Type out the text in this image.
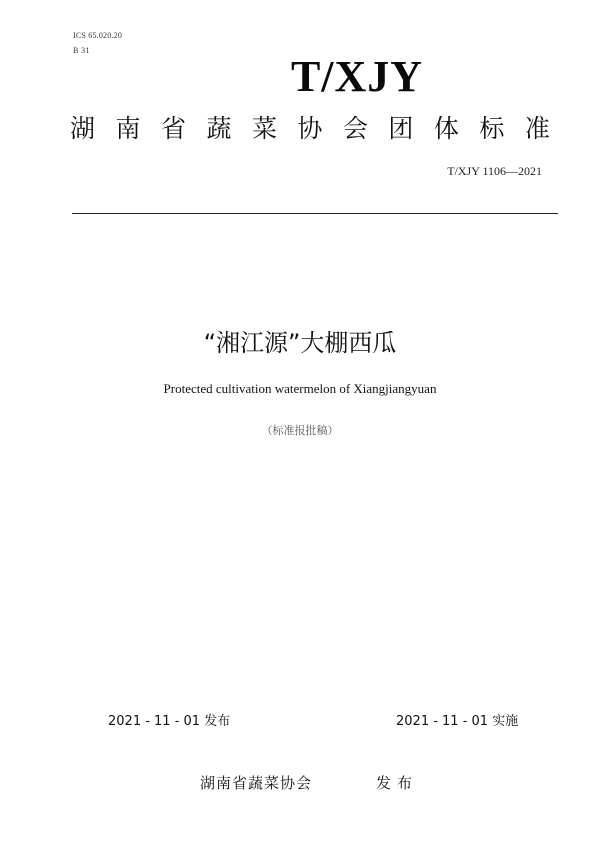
ICS 65.020.20
B 31
T/XJY
湖 南 省 蔬 菜 协 会 团 体 标 准
T/XJY 1106—2021
“湘江源”大棚西瓜
Protected cultivation watermelon of Xiangjiangyuan
（标准报批稿）
2021 - 11 - 01 发布	2021 - 11 - 01 实施
湖南省蔬菜协会	发布
